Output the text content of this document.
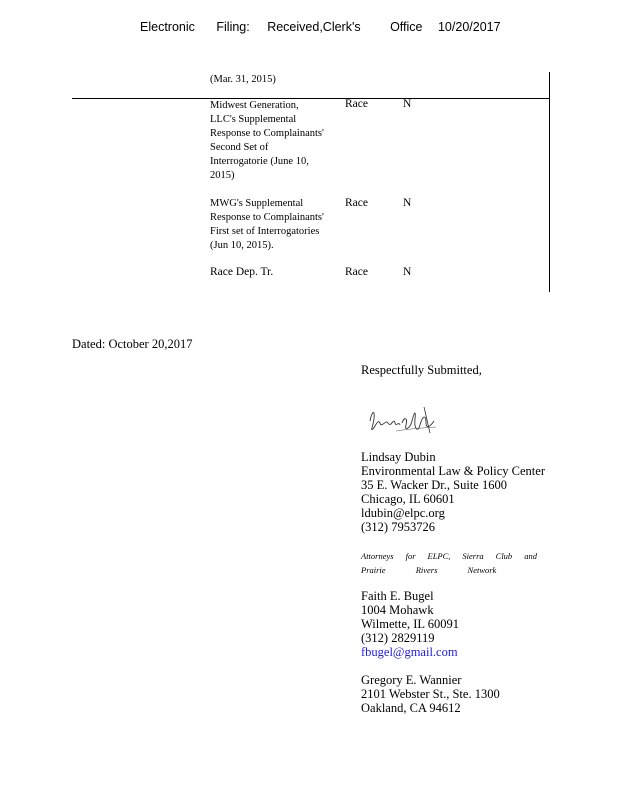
Electronic Filing: Received,Clerk's Office 10/20/2017
(Mar. 31, 2015)
Midwest Generation,
LLC's Supplemental
Response to Complainants'
Second Set of
Interrogatorie (June 10,
2015)
Race	N
MWG's Supplemental
Response to Complainants'
First set of Interrogatories
(Jun 10, 2015).
Race	N
Race Dep. Tr.	Race	N
Dated: October 20,2017
Respectfully Submitted,
Lindsay Dubin
Environmental Law & Policy Center
35 E. Wacker Dr., Suite 1600
Chicago, IL 60601
ldubin@elpc.org
(312) 7953726
Attorneys for ELPC, Sierra Club and
Prairie	Rivers	Network
Faith E. Bugel
1004 Mohawk
Wilmette, IL 60091
(312) 2829119
fbugel@gmail.com
Gregory E. Wannier
2101 Webster St., Ste. 1300
Oakland, CA 94612
